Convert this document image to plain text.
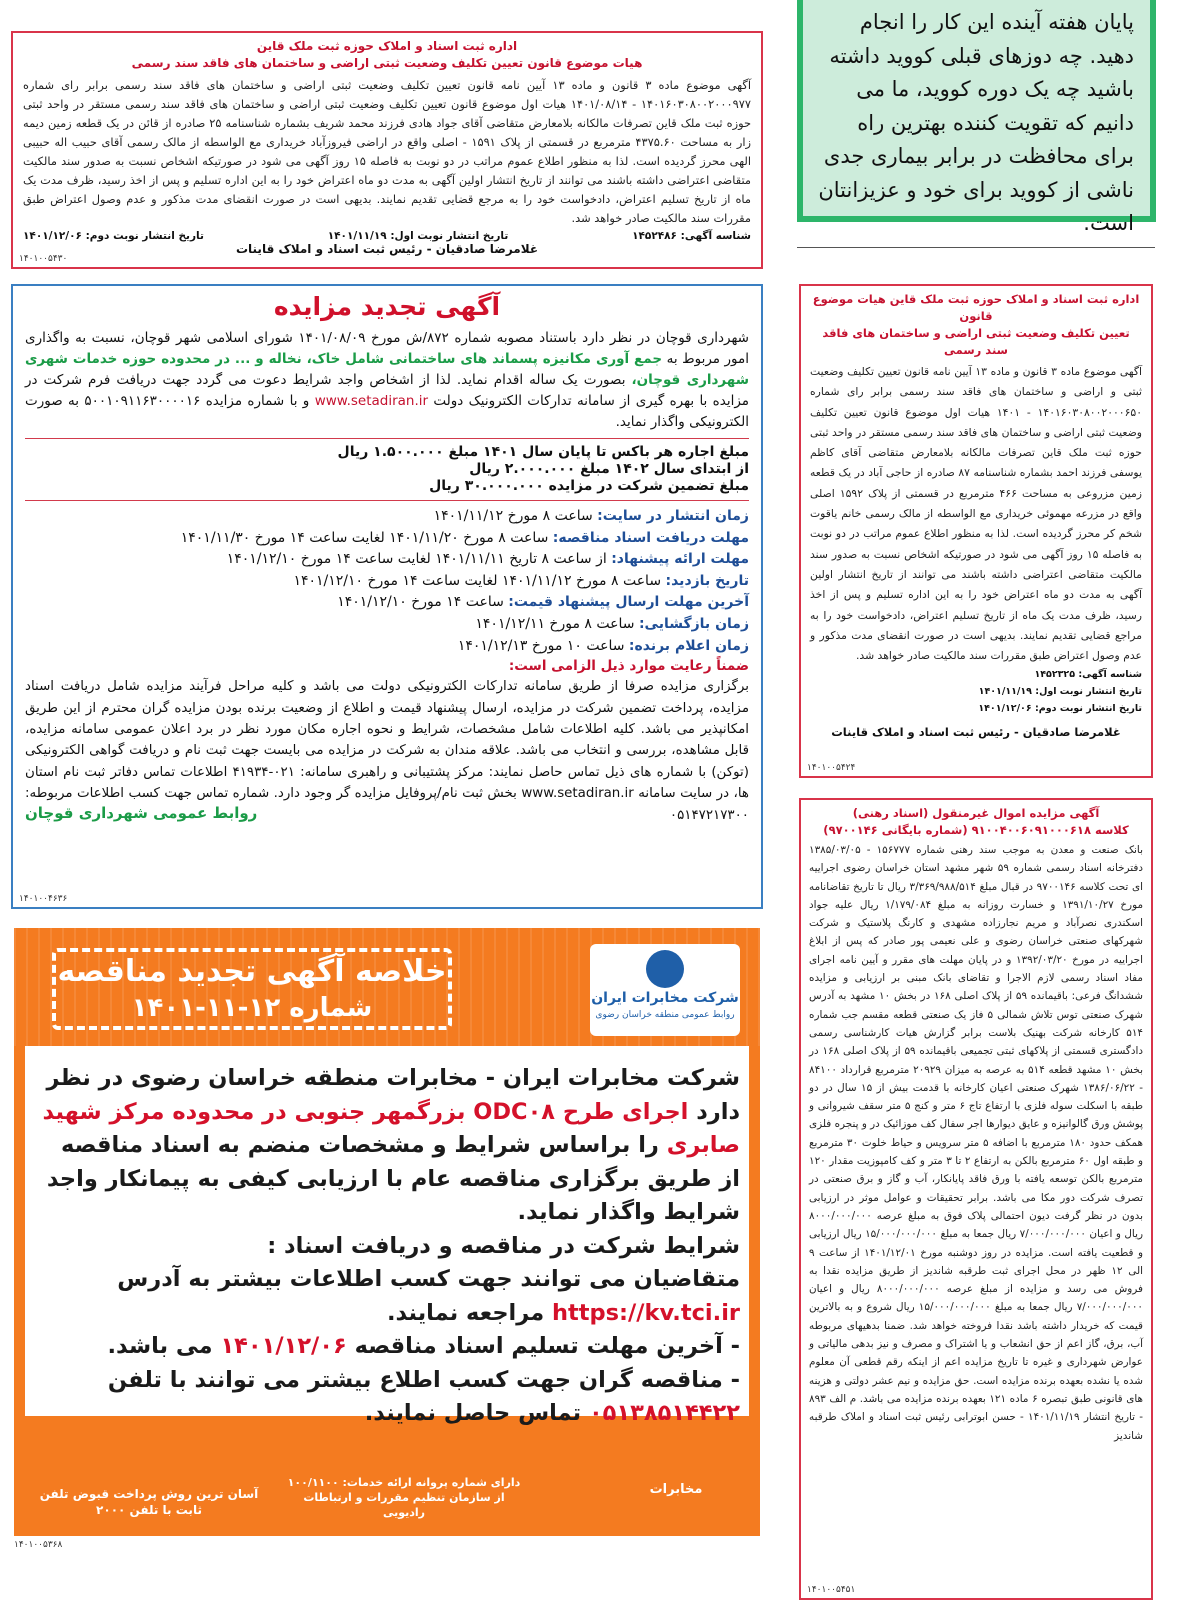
اداره ثبت اسناد و املاک حوزه ثبت ملک قاین
هیات موضوع قانون تعیین تکلیف وضعیت ثبتی اراضی و ساختمان های فاقد سند رسمی

آگهی موضوع ماده ۳ قانون و ماده ۱۳ آیین نامه قانون تعیین تکلیف وضعیت ثبتی اراضی و ساختمان های فاقد سند رسمی برابر رای شماره ۱۴۰۱۶۰۳۰۸۰۰۲۰۰۰۹۷۷ - ۱۴۰۱/۰۸/۱۴ هیات اول موضوع قانون تعیین تکلیف وضعیت ثبتی اراضی و ساختمان های فاقد سند رسمی مستقر در واحد ثبتی حوزه ثبت ملک قاین تصرفات مالکانه بلامعارض متقاضی آقای جواد هادی فرزند محمد شریف بشماره شناسنامه ۲۵ صادره از قائن در یک قطعه زمین دیمه زار به مساحت ۴۳۷۵.۶۰ مترمربع در قسمتی از پلاک ۱۵۹۱ - اصلی واقع در اراضی فیروزآباد خریداری مع الواسطه از مالک رسمی آقای حبیب اله حبیبی الهی محرز گردیده است. لذا به منظور اطلاع عموم مراتب در دو نوبت به فاصله ۱۵ روز آگهی می شود در صورتیکه اشخاص نسبت به صدور سند مالکیت متقاضی اعتراضی داشته باشند می توانند از تاریخ انتشار اولین آگهی به مدت دو ماه اعتراض خود را به این اداره تسلیم و پس از اخذ رسید، ظرف مدت یک ماه از تاریخ تسلیم اعتراض، دادخواست خود را به مرجع قضایی تقدیم نمایند. بدیهی است در صورت انقضای مدت مذکور و عدم وصول اعتراض طبق مقررات سند مالکیت صادر خواهد شد.

شناسه آگهی: ۱۴۵۲۴۸۶
تاریخ انتشار نوبت اول: ۱۴۰۱/۱۱/۱۹
تاریخ انتشار نوبت دوم: ۱۴۰۱/۱۲/۰۶
غلامرضا صادقیان - رئیس ثبت اسناد و املاک قاینات
۱۴۰۱۰۰۵۴۳۰

پایان هفته آینده این کار را انجام دهید. چه دوزهای قبلی کووید داشته باشید چه یک دوره کووید، ما می دانیم که تقویت کننده بهترین راه برای محافظت در برابر بیماری جدی ناشی از کووید برای خود و عزیزانتان است.

اداره ثبت اسناد و املاک حوزه ثبت ملک قاین هیات موضوع قانون
تعیین تکلیف وضعیت ثبتی اراضی و ساختمان های فاقد سند رسمی

آگهی موضوع ماده ۳ قانون و ماده ۱۳ آیین نامه قانون تعیین تکلیف وضعیت ثبتی و اراضی و ساختمان های فاقد سند رسمی برابر رای شماره ۱۴۰۱۶۰۳۰۸۰۰۲۰۰۰۶۵۰ - ۱۴۰۱ هیات اول موضوع قانون تعیین تکلیف وضعیت ثبتی اراضی و ساختمان های فاقد سند رسمی مستقر در واحد ثبتی حوزه ثبت ملک قاین تصرفات مالکانه بلامعارض متقاضی آقای کاظم یوسفی فرزند احمد بشماره شناسنامه ۸۷ صادره از حاجی آباد در یک قطعه زمین مزروعی به مساحت ۴۶۶ مترمربع در قسمتی از پلاک ۱۵۹۲ اصلی واقع در مزرعه مهموئی خریداری مع الواسطه از مالک رسمی خانم یاقوت شخم کر محرز گردیده است. لذا به منظور اطلاع عموم مراتب در دو نوبت به فاصله ۱۵ روز آگهی می شود در صورتیکه اشخاص نسبت به صدور سند مالکیت متقاضی اعتراضی داشته باشند می توانند از تاریخ انتشار اولین آگهی به مدت دو ماه اعتراض خود را به این اداره تسلیم و پس از اخذ رسید، ظرف مدت یک ماه از تاریخ تسلیم اعتراض، دادخواست خود را به مراجع قضایی تقدیم نمایند. بدیهی است در صورت انقضای مدت مذکور و عدم وصول اعتراض طبق مقررات سند مالکیت صادر خواهد شد.

شناسه آگهی: ۱۴۵۲۳۲۵
تاریخ انتشار نوبت اول: ۱۴۰۱/۱۱/۱۹
تاریخ انتشار نوبت دوم: ۱۴۰۱/۱۲/۰۶
غلامرضا صادقیان - رئیس ثبت اسناد و املاک قاینات
۱۴۰۱۰۰۵۴۲۴
آگهی تجدید مزایده

شهرداری قوچان در نظر دارد باستناد مصوبه شماره ۸۷۲/ش مورخ ۱۴۰۱/۰۸/۰۹ شورای اسلامی شهر قوچان، نسبت به واگذاری امور مربوط به جمع آوری مکانیزه پسماند های ساختمانی شامل خاک، نخاله و ... در محدوده حوزه خدمات شهری شهرداری قوچان، بصورت یک ساله اقدام نماید. لذا از اشخاص واجد شرایط دعوت می گردد جهت دریافت فرم شرکت در مزایده با بهره گیری از سامانه تدارکات الکترونیک دولت www.setadiran.ir و با شماره مزایده ۵۰۰۱۰۹۱۱۶۳۰۰۰۰۱۶ به صورت الکترونیکی واگذار نماید.

مبلغ اجاره هر باکس تا پایان سال ۱۴۰۱ مبلغ ۱.۵۰۰.۰۰۰ ریال
از ابتدای سال ۱۴۰۲ مبلغ ۲.۰۰۰.۰۰۰ ریال
مبلغ تضمین شرکت در مزایده ۳۰.۰۰۰.۰۰۰ ریال
زمان انتشار در سایت: ساعت ۸ مورخ ۱۴۰۱/۱۱/۱۲
مهلت دریافت اسناد مناقصه: ساعت ۸ مورخ ۱۴۰۱/۱۱/۲۰ لغایت ساعت ۱۴ مورخ ۱۴۰۱/۱۱/۳۰
مهلت ارائه پیشنهاد: از ساعت ۸ تاریخ ۱۴۰۱/۱۱/۱۱ لغایت ساعت ۱۴ مورخ ۱۴۰۱/۱۲/۱۰
تاریخ بازدید: ساعت ۸ مورخ ۱۴۰۱/۱۱/۱۲ لغایت ساعت ۱۴ مورخ ۱۴۰۱/۱۲/۱۰
آخرین مهلت ارسال پیشنهاد قیمت: ساعت ۱۴ مورخ ۱۴۰۱/۱۲/۱۰
زمان بازگشایی: ساعت ۸ مورخ ۱۴۰۱/۱۲/۱۱
زمان اعلام برنده: ساعت ۱۰ مورخ ۱۴۰۱/۱۲/۱۳
ضمناً رعایت موارد ذیل الزامی است:

برگزاری مزایده صرفا از طریق سامانه تدارکات الکترونیکی دولت می باشد و کلیه مراحل فرآیند مزایده شامل دریافت اسناد مزایده، پرداخت تضمین شرکت در مزایده، ارسال پیشنهاد قیمت و اطلاع از وضعیت برنده بودن مزایده گران محترم از این طریق امکانپذیر می باشد. کلیه اطلاعات شامل مشخصات، شرایط و نحوه اجاره مکان مورد نظر در برد اعلان عمومی سامانه مزایده، قابل مشاهده، بررسی و انتخاب می باشد. علاقه مندان به شرکت در مزایده می بایست جهت ثبت نام و دریافت گواهی الکترونیکی (توکن) با شماره های ذیل تماس حاصل نمایند: مرکز پشتیبانی و راهبری سامانه: ۰۲۱-۴۱۹۳۴ اطلاعات تماس دفاتر ثبت نام استان ها، در سایت سامانه www.setadiran.ir بخش ثبت نام/پروفایل مزایده گر وجود دارد. شماره تماس جهت کسب اطلاعات مربوطه: ۰۵۱۴۷۲۱۷۳۰۰

روابط عمومی شهرداری قوچان
۱۴۰۱۰۰۴۶۳۶
آگهی مزایده اموال غیرمنقول (اسناد رهنی)
کلاسه ۹۱۰۰۴۰۰۶۰۹۱۰۰۰۶۱۸ (شماره بایگانی ۹۷۰۰۱۴۶)

بانک صنعت و معدن به موجب سند رهنی شماره ۱۵۶۷۷۷ - ۱۳۸۵/۰۳/۰۵ دفترخانه اسناد رسمی شماره ۵۹ شهر مشهد استان خراسان رضوی اجراییه ای تحت کلاسه ۹۷۰۰۱۴۶ در قبال مبلغ ۳/۳۶۹/۹۸۸/۵۱۴ ریال تا تاریخ تقاضانامه مورخ ۱۳۹۱/۱۰/۲۷ و خسارت روزانه به مبلغ ۱/۱۷۹/۰۸۴ ریال علیه جواد اسکندری نصرآباد و مریم نجارزاده مشهدی و کارنگ پلاستیک و شرکت شهرکهای صنعتی خراسان رضوی و علی نعیمی پور صادر که پس از ابلاغ اجراییه در مورخ ۱۳۹۲/۰۳/۲۰ و در پایان مهلت های مقرر و آیین نامه اجرای مفاد اسناد رسمی لازم الاجرا و تقاضای بانک مبنی بر ارزیابی و مزایده ششدانگ فرعی: باقیمانده ۵۹ از پلاک اصلی ۱۶۸ در بخش ۱۰ مشهد به آدرس شهرک صنعتی توس تلاش شمالی ۵ فاز یک صنعتی قطعه مقسم جب شماره ۵۱۴ کارخانه شرکت بهنیک بلاست برابر گزارش هیات کارشناسی رسمی دادگستری قسمتی از پلاکهای ثبتی تجمیعی باقیمانده ۵۹ از پلاک اصلی ۱۶۸ در بخش ۱۰ مشهد قطعه ۵۱۴ به عرصه به میزان ۲۰۹۲۹ مترمربع قرارداد ۸۴۱۰۰ - ۱۳۸۶/۰۶/۲۲ شهرک صنعتی اعیان کارخانه با قدمت بیش از ۱۵ سال در دو طبقه با اسکلت سوله فلزی با ارتفاع تاج ۶ متر و کنج ۵ متر سقف شیروانی و پوشش ورق گالوانیزه و عایق دیوارها اجر سفال کف موزائیک در و پنجره فلزی همکف حدود ۱۸۰ مترمربع با اضافه ۵ متر سرویس و حیاط خلوت ۳۰ مترمربع و طبقه اول ۶۰ مترمربع بالکن به ارتفاع ۲ تا ۳ متر و کف کامپوزیت مقدار ۱۲۰ مترمربع بالکن توسعه یافته با ورق فاقد پایانکار، آب و گاز و برق صنعتی در تصرف شرکت دور مکا می باشد. برابر تحقیقات و عوامل موثر در ارزیابی بدون در نظر گرفت دیون احتمالی پلاک فوق به مبلغ عرصه ۸۰۰۰/۰۰۰/۰۰۰ ریال و اعیان ۷/۰۰۰/۰۰۰/۰۰۰ ریال جمعا به مبلغ ۱۵/۰۰۰/۰۰۰/۰۰۰ ریال ارزیابی و قطعیت یافته است. مزایده در روز دوشنبه مورخ ۱۴۰۱/۱۲/۰۱ از ساعت ۹ الی ۱۲ ظهر در محل اجرای ثبت طرقبه شاندیز از طریق مزایده نقدا به فروش می رسد و مزایده از مبلغ عرصه ۸۰۰۰/۰۰۰/۰۰۰ ریال و اعیان ۷/۰۰۰/۰۰۰/۰۰۰ ریال جمعا به مبلغ ۱۵/۰۰۰/۰۰۰/۰۰۰ ریال شروع و به بالاترین قیمت که خریدار داشته باشد نقدا فروخته خواهد شد. ضمنا بدهیهای مربوطه آب، برق، گاز اعم از حق انشعاب و یا اشتراک و مصرف و نیز بدهی مالیاتی و عوارض شهرداری و غیره تا تاریخ مزایده اعم از اینکه رقم قطعی آن معلوم شده یا نشده بعهده برنده مزایده است. حق مزایده و نیم عشر دولتی و هزینه های قانونی طبق تبصره ۶ ماده ۱۲۱ بعهده برنده مزایده می باشد. م الف ۸۹۳ - تاریخ انتشار ۱۴۰۱/۱۱/۱۹ - حسن ابوترابی رئیس ثبت اسناد و املاک طرقبه شاندیز

۱۴۰۱۰۰۵۴۵۱
خلاصه آگهی تجدید مناقصه
شماره ۱۲-۱۱-۱۴۰۱	شرکت مخابرات ایران
روابط عمومی منطقه خراسان رضوی
شرکت مخابرات ایران - مخابرات منطقه خراسان رضوی در نظر دارد اجرای طرح ODC۰۸ بزرگمهر جنوبی در محدوده مرکز شهید صابری را براساس شرایط و مشخصات منضم به اسناد مناقصه از طریق برگزاری مناقصه عام با ارزیابی کیفی به پیمانکار واجد شرایط واگذار نماید.
شرایط شرکت در مناقصه و دریافت اسناد :
متقاضیان می توانند جهت کسب اطلاعات بیشتر به آدرس https://kv.tci.ir مراجعه نمایند.
- آخرین مهلت تسلیم اسناد مناقصه ۱۴۰۱/۱۲/۰۶ می باشد.
- مناقصه گران جهت کسب اطلاع بیشتر می توانند با تلفن ۰۵۱۳۸۵۱۴۴۲۲ تماس حاصل نمایند.
آسان ترین روش پرداخت قبوض تلفن ثابت با تلفن ۲۰۰۰
دارای شماره پروانه ارائه خدمات: ۱۰۰/۱۱۰۰ از سازمان تنظیم مقررات و ارتباطات رادیویی
مخابرات
۱۴۰۱۰۰۵۳۶۸
